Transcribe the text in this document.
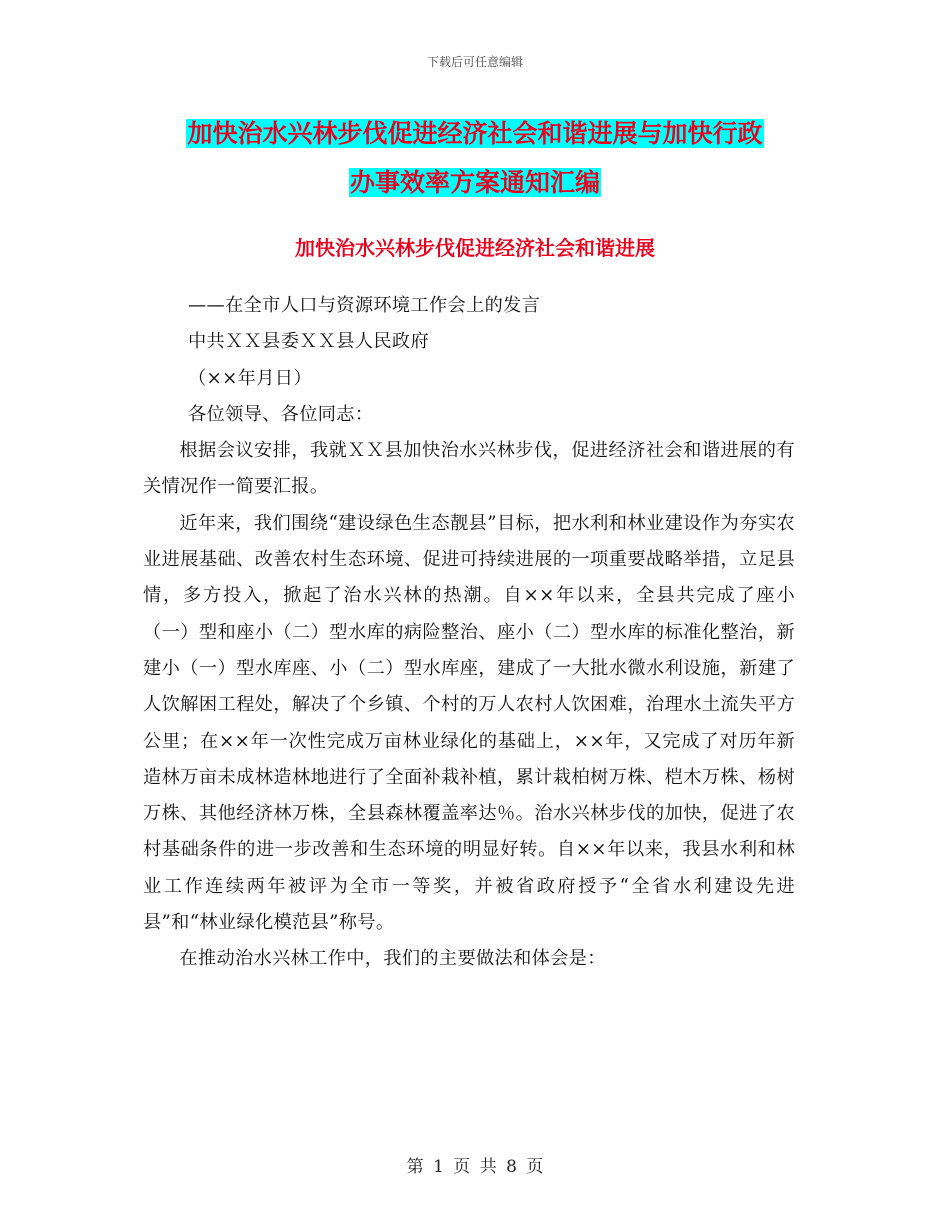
下载后可任意编辑
加快治水兴林步伐促进经济社会和谐进展与加快行政
办事效率方案通知汇编
加快治水兴林步伐促进经济社会和谐进展

——在全市人口与资源环境工作会上的发言

中共ＸＸ县委ＸＸ县人民政府

（××年月日）

各位领导、各位同志：

根据会议安排，我就ＸＸ县加快治水兴林步伐，促进经济社会和谐进展的有关情况作一简要汇报。

近年来，我们围绕“建设绿色生态靓县”目标，把水利和林业建设作为夯实农业进展基础、改善农村生态环境、促进可持续进展的一项重要战略举措，立足县情，多方投入，掀起了治水兴林的热潮。自××年以来，全县共完成了座小（一）型和座小（二）型水库的病险整治、座小（二）型水库的标准化整治，新建小（一）型水库座、小（二）型水库座，建成了一大批水微水利设施，新建了人饮解困工程处，解决了个乡镇、个村的万人农村人饮困难，治理水土流失平方公里；在××年一次性完成万亩林业绿化的基础上，××年，又完成了对历年新造林万亩未成林造林地进行了全面补栽补植，累计栽柏树万株、桤木万株、杨树万株、其他经济林万株，全县森林覆盖率达％。治水兴林步伐的加快，促进了农村基础条件的进一步改善和生态环境的明显好转。自××年以来，我县水利和林业工作连续两年被评为全市一等奖，并被省政府授予“全省水利建设先进县”和“林业绿化模范县”称号。

在推动治水兴林工作中，我们的主要做法和体会是：

第 1 页 共 8 页
